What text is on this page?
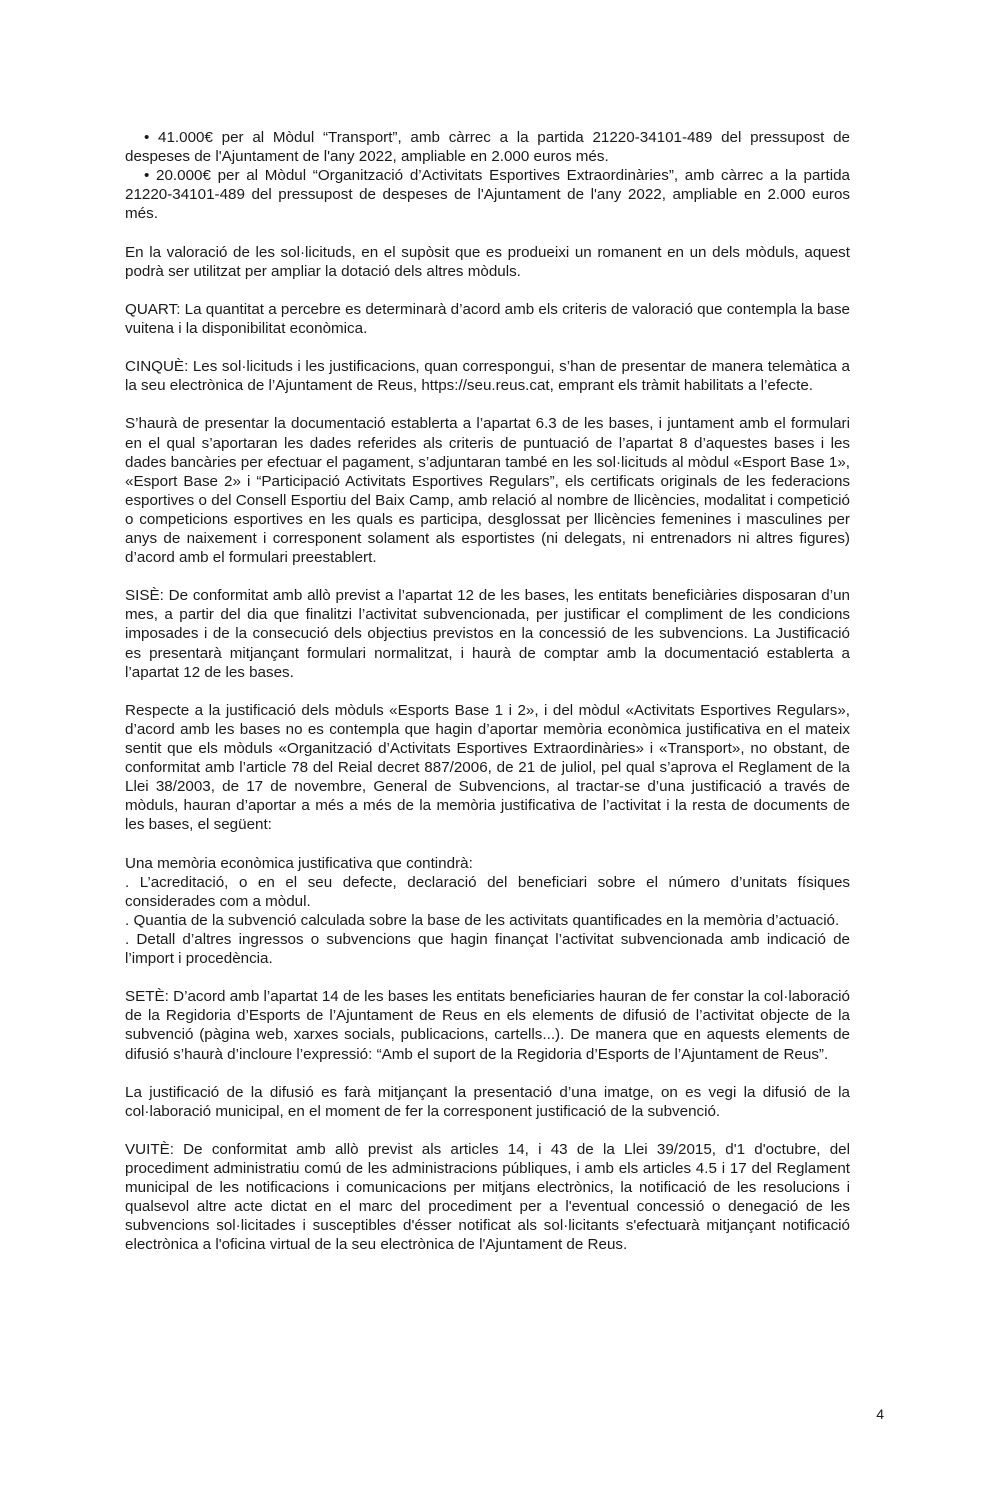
• 41.000€ per al Mòdul “Transport”, amb càrrec a la partida 21220-34101-489 del pressupost de despeses de l'Ajuntament de l'any 2022, ampliable en 2.000 euros més.

• 20.000€ per al Mòdul “Organització d’Activitats Esportives Extraordinàries”, amb càrrec a la partida 21220-34101-489 del pressupost de despeses de l'Ajuntament de l'any 2022, ampliable en 2.000 euros més.

En la valoració de les sol·licituds, en el supòsit que es produeixi un romanent en un dels mòduls, aquest podrà ser utilitzat per ampliar la dotació dels altres mòduls.

QUART: La quantitat a percebre es determinarà d’acord amb els criteris de valoració que contempla la base vuitena i la disponibilitat econòmica.

CINQUÈ: Les sol·licituds i les justificacions, quan correspongui, s’han de presentar de manera telemàtica a la seu electrònica de l’Ajuntament de Reus, https://seu.reus.cat, emprant els tràmit habilitats a l’efecte.

S’haurà de presentar la documentació establerta a l’apartat 6.3 de les bases, i juntament amb el formulari en el qual s’aportaran les dades referides als criteris de puntuació de l’apartat 8 d’aquestes bases i les dades bancàries per efectuar el pagament, s’adjuntaran també en les sol·licituds al mòdul «Esport Base 1», «Esport Base 2» i “Participació Activitats Esportives Regulars”, els certificats originals de les federacions esportives o del Consell Esportiu del Baix Camp, amb relació al nombre de llicències, modalitat i competició o competicions esportives en les quals es participa, desglossat per llicències femenines i masculines per anys de naixement i corresponent solament als esportistes (ni delegats, ni entrenadors ni altres figures) d’acord amb el formulari preestablert.

SISÈ: De conformitat amb allò previst a l’apartat 12 de les bases, les entitats beneficiàries disposaran d’un mes, a partir del dia que finalitzi l’activitat subvencionada, per justificar el compliment de les condicions imposades i de la consecució dels objectius previstos en la concessió de les subvencions. La Justificació es presentarà mitjançant formulari normalitzat, i haurà de comptar amb la documentació establerta a l’apartat 12 de les bases.

Respecte a la justificació dels mòduls «Esports Base 1 i 2», i del mòdul «Activitats Esportives Regulars», d’acord amb les bases no es contempla que hagin d’aportar memòria econòmica justificativa en el mateix sentit que els mòduls «Organització d’Activitats Esportives Extraordinàries» i «Transport», no obstant, de conformitat amb l’article 78 del Reial decret 887/2006, de 21 de juliol, pel qual s’aprova el Reglament de la Llei 38/2003, de 17 de novembre, General de Subvencions, al tractar-se d’una justificació a través de mòduls, hauran d’aportar a més a més de la memòria justificativa de l’activitat i la resta de documents de les bases, el següent:

Una memòria econòmica justificativa que contindrà:

. L’acreditació, o en el seu defecte, declaració del beneficiari sobre el número d’unitats físiques considerades com a mòdul.

. Quantia de la subvenció calculada sobre la base de les activitats quantificades en la memòria d’actuació.

. Detall d’altres ingressos o subvencions que hagin finançat l’activitat subvencionada amb indicació de l’import i procedència.

SETÈ: D’acord amb l’apartat 14 de les bases les entitats beneficiaries hauran de fer constar la col·laboració de la Regidoria d’Esports de l’Ajuntament de Reus en els elements de difusió de l’activitat objecte de la subvenció (pàgina web, xarxes socials, publicacions, cartells...). De manera que en aquests elements de difusió s’haurà d’incloure l’expressió: “Amb el suport de la Regidoria d’Esports de l’Ajuntament de Reus”.

La justificació de la difusió es farà mitjançant la presentació d’una imatge, on es vegi la difusió de la col·laboració municipal, en el moment de fer la corresponent justificació de la subvenció.

VUITÈ: De conformitat amb allò previst als articles 14, i 43 de la Llei 39/2015, d'1 d'octubre, del procediment administratiu comú de les administracions públiques, i amb els articles 4.5 i 17 del Reglament municipal de les notificacions i comunicacions per mitjans electrònics, la notificació de les resolucions i qualsevol altre acte dictat en el marc del procediment per a l'eventual concessió o denegació de les subvencions sol·licitades i susceptibles d'ésser notificat als sol·licitants s'efectuarà mitjançant notificació electrònica a l'oficina virtual de la seu electrònica de l'Ajuntament de Reus.

4
